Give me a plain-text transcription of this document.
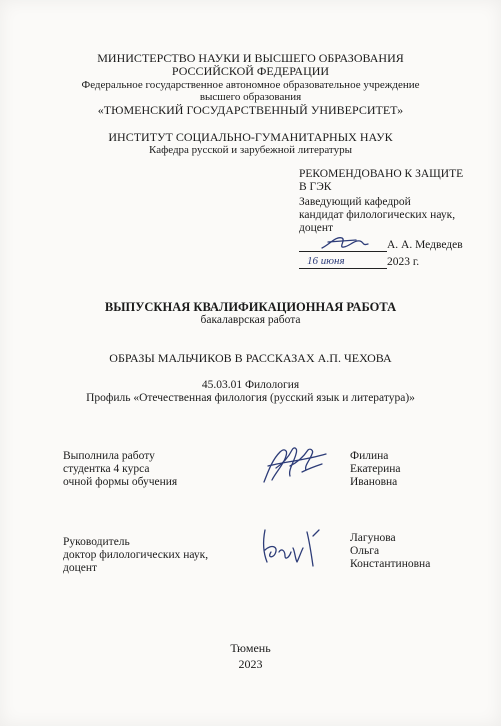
МИНИСТЕРСТВО НАУКИ И ВЫСШЕГО ОБРАЗОВАНИЯ
РОССИЙСКОЙ ФЕДЕРАЦИИ
Федеральное государственное автономное образовательное учреждение
высшего образования
«ТЮМЕНСКИЙ ГОСУДАРСТВЕННЫЙ УНИВЕРСИТЕТ»
ИНСТИТУТ СОЦИАЛЬНО-ГУМАНИТАРНЫХ НАУК
Кафедра русской и зарубежной литературы
РЕКОМЕНДОВАНО К ЗАЩИТЕ
В ГЭК
Заведующий кафедрой
кандидат филологических наук,
доцент
А. А. Медведев
16 июня	2023 г.
ВЫПУСКНАЯ КВАЛИФИКАЦИОННАЯ РАБОТА
бакалаврская работа
ОБРАЗЫ МАЛЬЧИКОВ В РАССКАЗАХ А.П. ЧЕХОВА
45.03.01 Филология
Профиль «Отечественная филология (русский язык и литература)»
Выполнила работу
студентка 4 курса
очной формы обучения
Филина
Екатерина
Ивановна
Руководитель
доктор филологических наук,
доцент
Лагунова
Ольга
Константиновна
Тюмень
2023
